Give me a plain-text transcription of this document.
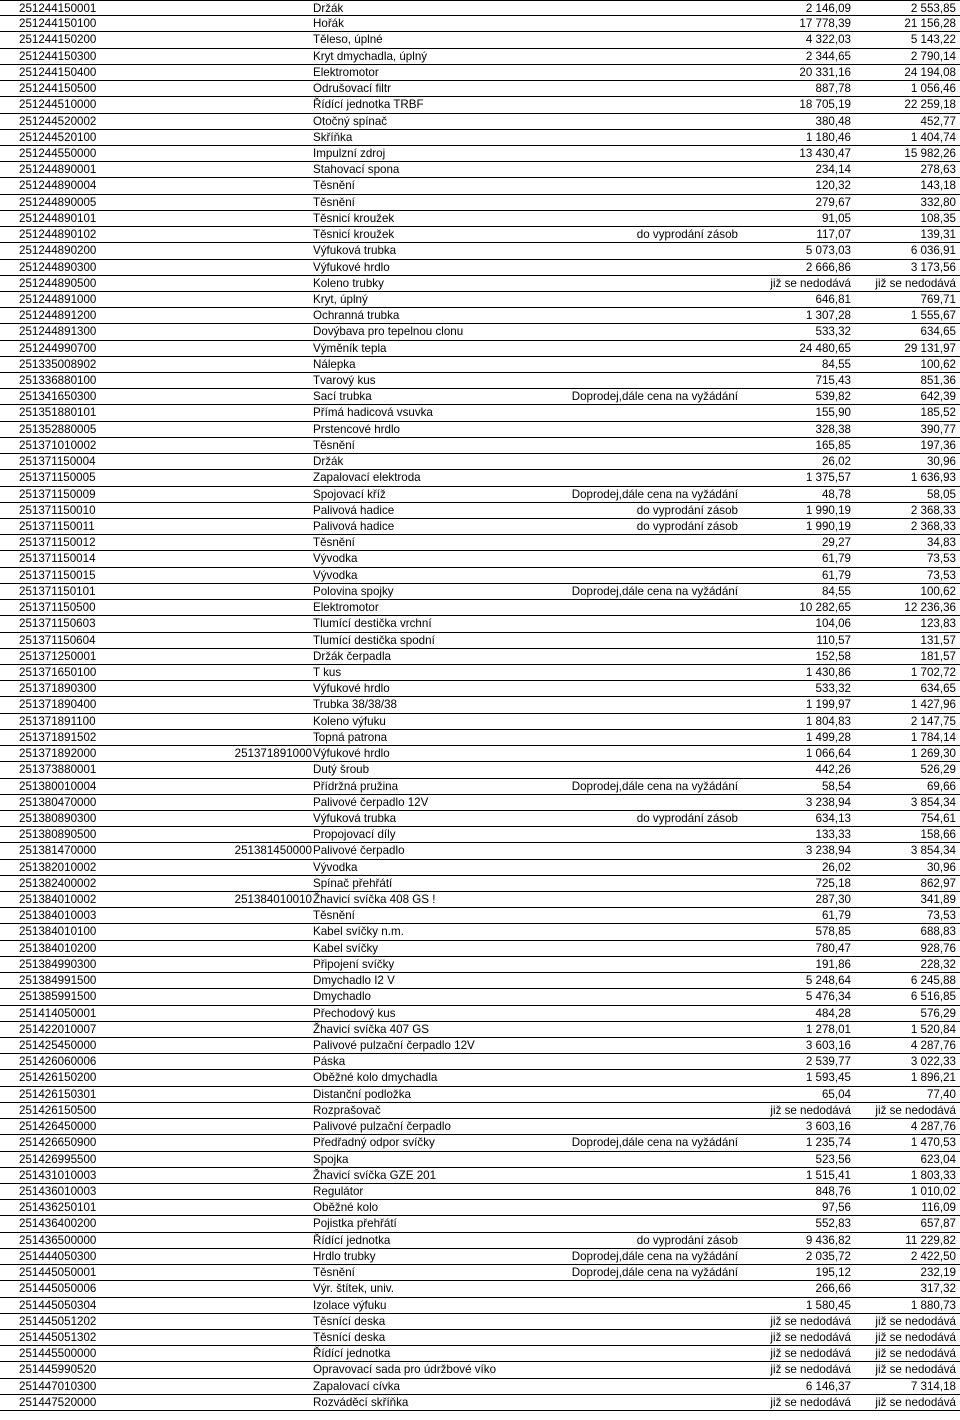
251244150001	Držák	2 146,09	2 553,85
251244150100	Hořák	17 778,39	21 156,28
251244150200	Těleso, úplné	4 322,03	5 143,22
251244150300	Kryt dmychadla, úplný	2 344,65	2 790,14
251244150400	Elektromotor	20 331,16	24 194,08
251244150500	Odrušovací filtr	887,78	1 056,46
251244510000	Řídící jednotka TRBF	18 705,19	22 259,18
251244520002	Otočný spínač	380,48	452,77
251244520100	Skříňka	1 180,46	1 404,74
251244550000	Impulzní zdroj	13 430,47	15 982,26
251244890001	Stahovací spona	234,14	278,63
251244890004	Těsnění	120,32	143,18
251244890005	Těsnění	279,67	332,80
251244890101	Těsnicí kroužek	91,05	108,35
251244890102	Těsnicí kroužek	do vyprodání zásob	117,07	139,31
251244890200	Výfuková trubka	5 073,03	6 036,91
251244890300	Výfukové hrdlo	2 666,86	3 173,56
251244890500	Koleno trubky	již se nedodává	již se nedodává
251244891000	Kryt, úplný	646,81	769,71
251244891200	Ochranná trubka	1 307,28	1 555,67
251244891300	Dovýbava pro tepelnou clonu	533,32	634,65
251244990700	Výměník tepla	24 480,65	29 131,97
251335008902	Nálepka	84,55	100,62
251336880100	Tvarový kus	715,43	851,36
251341650300	Sací trubka	Doprodej,dále cena na vyžádání	539,82	642,39
251351880101	Přímá hadicová vsuvka	155,90	185,52
251352880005	Prstencové hrdlo	328,38	390,77
251371010002	Těsnění	165,85	197,36
251371150004	Držák	26,02	30,96
251371150005	Zapalovací elektroda	1 375,57	1 636,93
251371150009	Spojovací kříž	Doprodej,dále cena na vyžádání	48,78	58,05
251371150010	Palivová hadice	do vyprodání zásob	1 990,19	2 368,33
251371150011	Palivová hadice	do vyprodání zásob	1 990,19	2 368,33
251371150012	Těsnění	29,27	34,83
251371150014	Vývodka	61,79	73,53
251371150015	Vývodka	61,79	73,53
251371150101	Polovina spojky	Doprodej,dále cena na vyžádání	84,55	100,62
251371150500	Elektromotor	10 282,65	12 236,36
251371150603	Tlumící destička vrchní	104,06	123,83
251371150604	Tlumící destička spodní	110,57	131,57
251371250001	Držák čerpadla	152,58	181,57
251371650100	T kus	1 430,86	1 702,72
251371890300	Výfukové hrdlo	533,32	634,65
251371890400	Trubka 38/38/38	1 199,97	1 427,96
251371891100	Koleno výfuku	1 804,83	2 147,75
251371891502	Topná patrona	1 499,28	1 784,14
251371892000	251371891000 Výfukové hrdlo	1 066,64	1 269,30
251373880001	Dutý šroub	442,26	526,29
251380010004	Přídržná pružina	Doprodej,dále cena na vyžádání	58,54	69,66
251380470000	Palivové čerpadlo 12V	3 238,94	3 854,34
251380890300	Výfuková trubka	do vyprodání zásob	634,13	754,61
251380890500	Propojovací díly	133,33	158,66
251381470000	251381450000 Palivové čerpadlo	3 238,94	3 854,34
251382010002	Vývodka	26,02	30,96
251382400002	Spínač přehřátí	725,18	862,97
251384010002	251384010010 Žhavicí svíčka 408 GS !	287,30	341,89
251384010003	Těsnění	61,79	73,53
251384010100	Kabel svíčky n.m.	578,85	688,83
251384010200	Kabel svíčky	780,47	928,76
251384990300	Připojení svíčky	191,86	228,32
251384991500	Dmychadlo I2 V	5 248,64	6 245,88
251385991500	Dmychadlo	5 476,34	6 516,85
251414050001	Přechodový kus	484,28	576,29
251422010007	Žhavicí svíčka 407 GS	1 278,01	1 520,84
251425450000	Palivové pulzační čerpadlo 12V	3 603,16	4 287,76
251426060006	Páska	2 539,77	3 022,33
251426150200	Oběžné kolo dmychadla	1 593,45	1 896,21
251426150301	Distanční podložka	65,04	77,40
251426150500	Rozprašovač	již se nedodává	již se nedodává
251426450000	Palivové pulzační čerpadlo	3 603,16	4 287,76
251426650900	Předřadný odpor svíčky	Doprodej,dále cena na vyžádání	1 235,74	1 470,53
251426995500	Spojka	523,56	623,04
251431010003	Žhavicí svíčka GZE 201	1 515,41	1 803,33
251436010003	Regulátor	848,76	1 010,02
251436250101	Oběžné kolo	97,56	116,09
251436400200	Pojistka přehřátí	552,83	657,87
251436500000	Řídící jednotka	do vyprodání zásob	9 436,82	11 229,82
251444050300	Hrdlo trubky	Doprodej,dále cena na vyžádání	2 035,72	2 422,50
251445050001	Těsnění	Doprodej,dále cena na vyžádání	195,12	232,19
251445050006	Výr. štítek, univ.	266,66	317,32
251445050304	Izolace výfuku	1 580,45	1 880,73
251445051202	Těsnící deska	již se nedodává	již se nedodává
251445051302	Těsnící deska	již se nedodává	již se nedodává
251445500000	Řídící jednotka	již se nedodává	již se nedodává
251445990520	Opravovací sada pro údržbové víko	již se nedodává	již se nedodává
251447010300	Zapalovací cívka	6 146,37	7 314,18
251447520000	Rozváděcí skříňka	již se nedodává	již se nedodává
